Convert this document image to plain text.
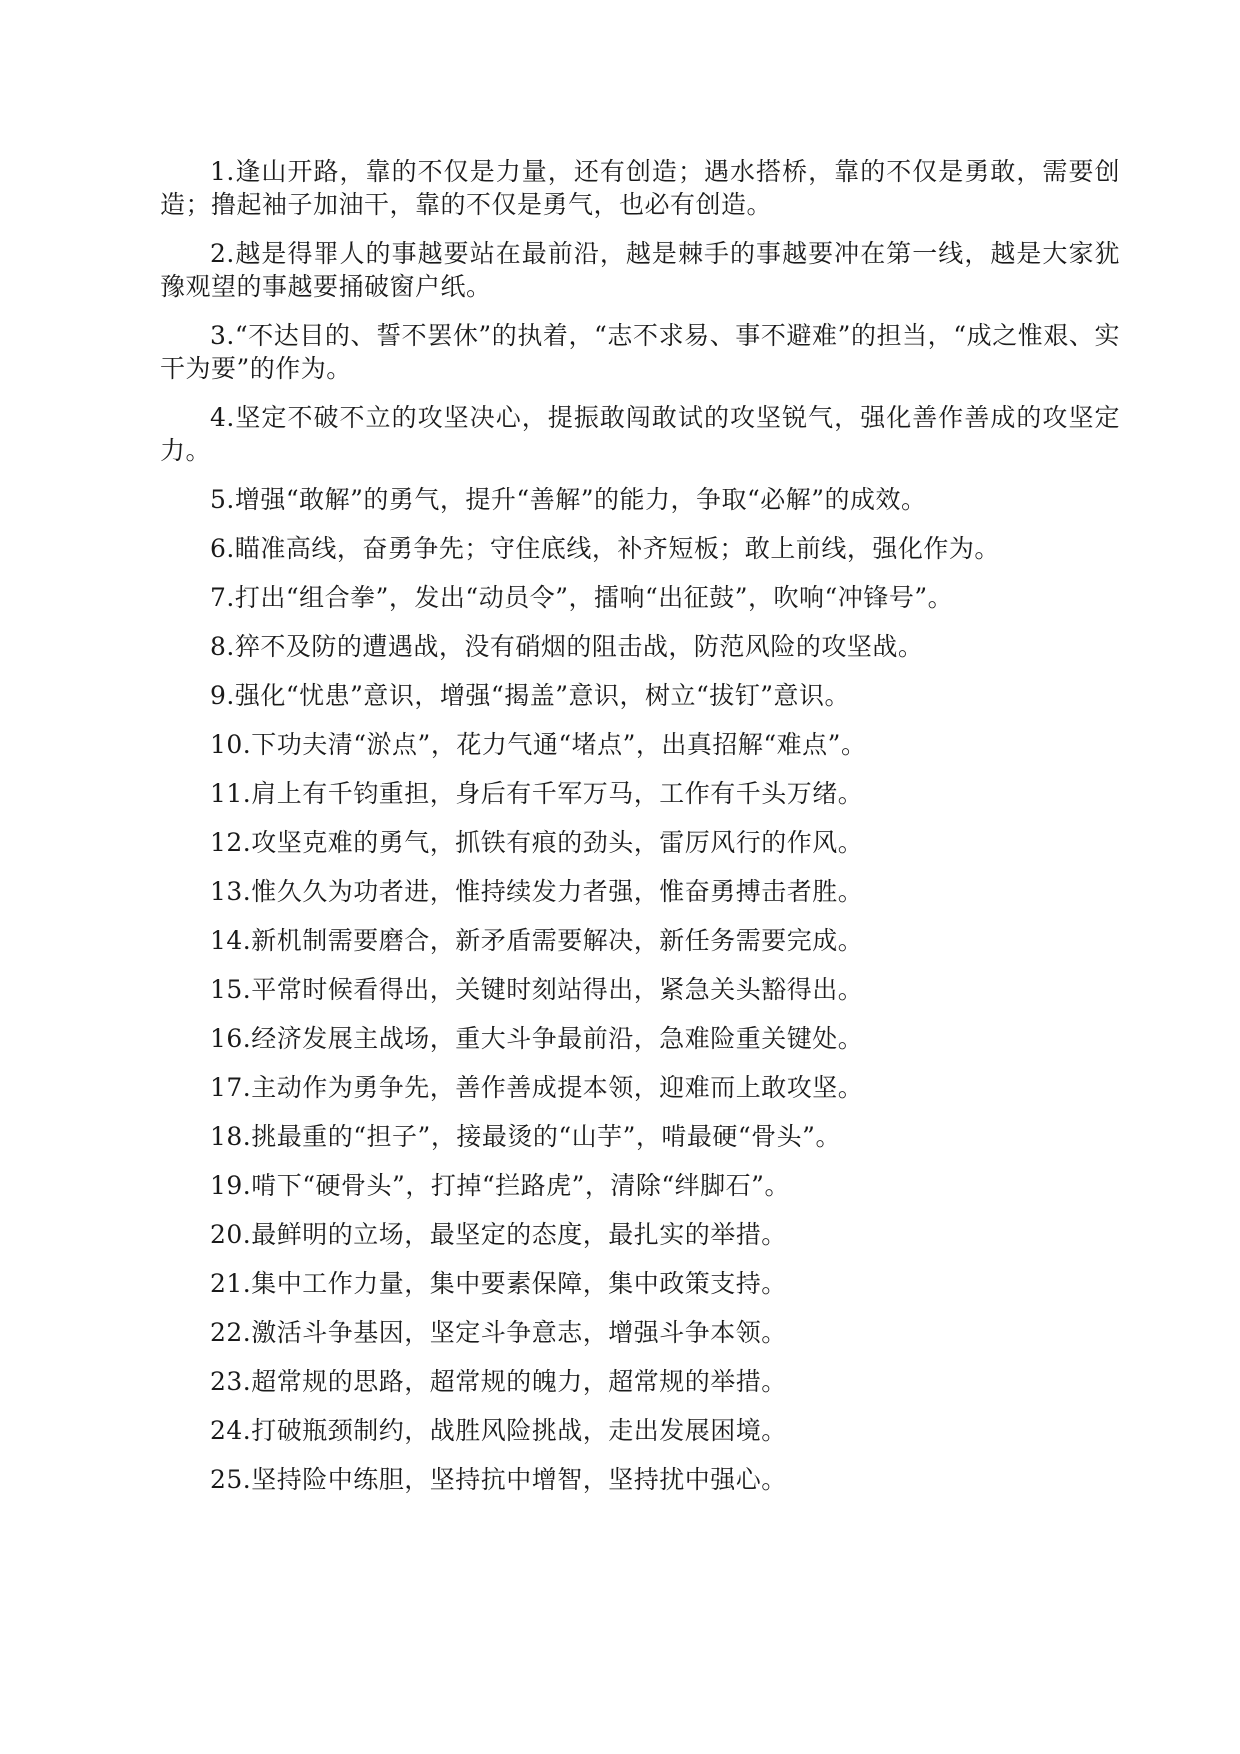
1.逢山开路，靠的不仅是力量，还有创造；遇水搭桥，靠的不仅是勇敢，需要创造；撸起袖子加油干，靠的不仅是勇气，也必有创造。

2.越是得罪人的事越要站在最前沿，越是棘手的事越要冲在第一线，越是大家犹豫观望的事越要捅破窗户纸。

3.“不达目的、誓不罢休”的执着，“志不求易、事不避难”的担当，“成之惟艰、实干为要”的作为。

4.坚定不破不立的攻坚决心，提振敢闯敢试的攻坚锐气，强化善作善成的攻坚定力。

5.增强“敢解”的勇气，提升“善解”的能力，争取“必解”的成效。

6.瞄准高线，奋勇争先；守住底线，补齐短板；敢上前线，强化作为。

7.打出“组合拳”，发出“动员令”，擂响“出征鼓”，吹响“冲锋号”。

8.猝不及防的遭遇战，没有硝烟的阻击战，防范风险的攻坚战。

9.强化“忧患”意识，增强“揭盖”意识，树立“拔钉”意识。

10.下功夫清“淤点”，花力气通“堵点”，出真招解“难点”。

11.肩上有千钧重担，身后有千军万马，工作有千头万绪。

12.攻坚克难的勇气，抓铁有痕的劲头，雷厉风行的作风。

13.惟久久为功者进，惟持续发力者强，惟奋勇搏击者胜。

14.新机制需要磨合，新矛盾需要解决，新任务需要完成。

15.平常时候看得出，关键时刻站得出，紧急关头豁得出。

16.经济发展主战场，重大斗争最前沿，急难险重关键处。

17.主动作为勇争先，善作善成提本领，迎难而上敢攻坚。

18.挑最重的“担子”，接最烫的“山芋”，啃最硬“骨头”。

19.啃下“硬骨头”，打掉“拦路虎”，清除“绊脚石”。

20.最鲜明的立场，最坚定的态度，最扎实的举措。

21.集中工作力量，集中要素保障，集中政策支持。

22.激活斗争基因，坚定斗争意志，增强斗争本领。

23.超常规的思路，超常规的魄力，超常规的举措。

24.打破瓶颈制约，战胜风险挑战，走出发展困境。

25.坚持险中练胆，坚持抗中增智，坚持扰中强心。
